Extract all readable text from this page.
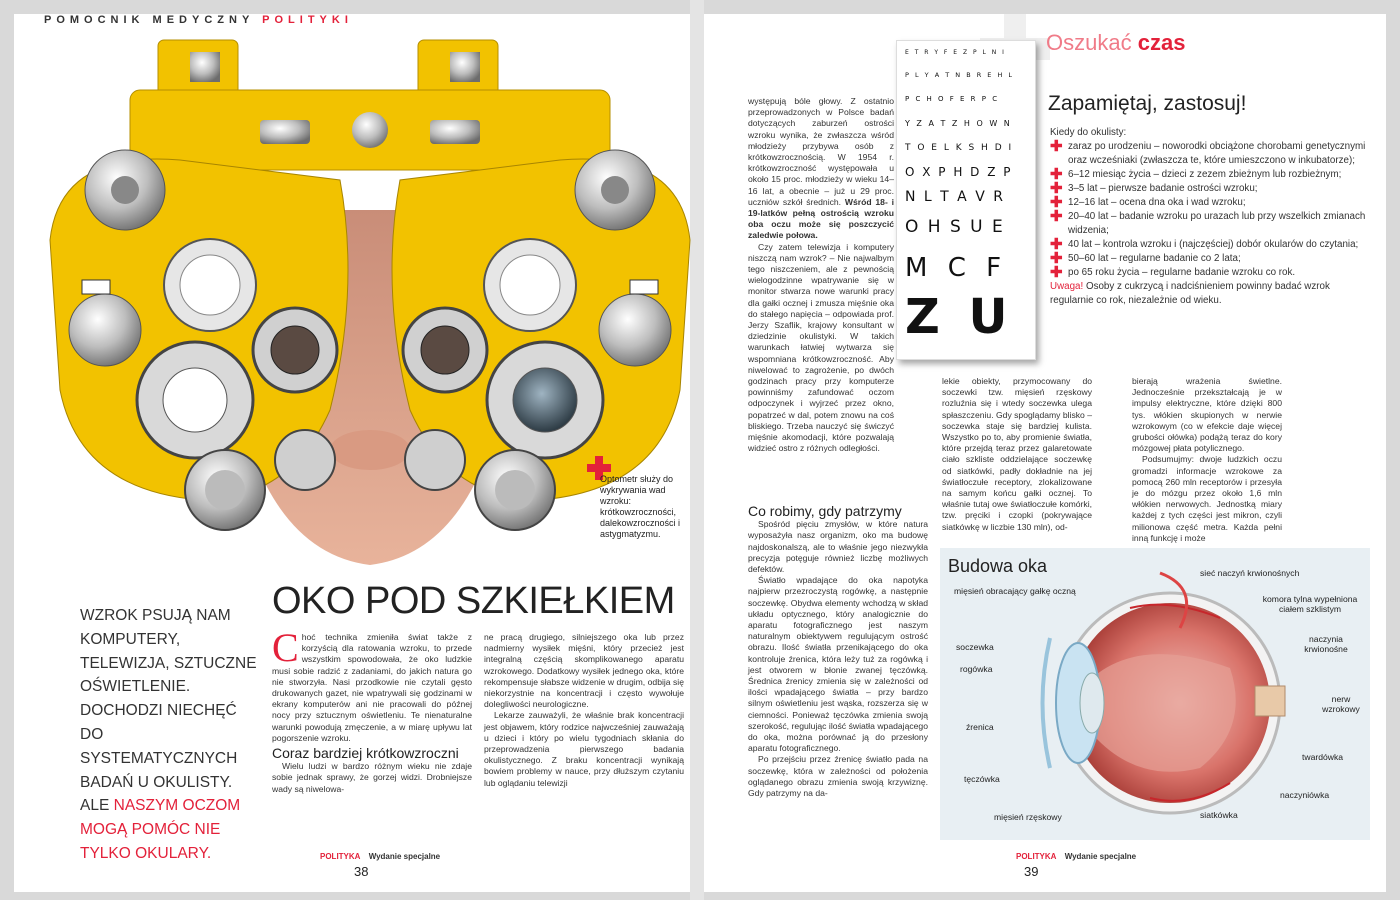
POMOCNIK MEDYCZNY POLITYKI
Optometr służy do wykrywania wad wzroku: krótkowzroczności, dalekowzroczności i astygmatyzmu.
WZROK PSUJĄ NAM KOMPUTERY, TELEWIZJA, SZTUCZNE OŚWIETLENIE. DOCHODZI NIECHĘĆ DO SYSTEMATYCZNYCH BADAŃ U OKULISTY. ALE NASZYM OCZOM MOGĄ POMÓC NIE TYLKO OKULARY.
OKO POD SZKIEŁKIEM

Choć technika zmieniła świat także z korzyścią dla ratowania wzroku, to przede wszystkim spowodowała, że oko ludzkie musi sobie radzić z zadaniami, do jakich natura go nie stworzyła. Nasi przodkowie nie czytali gęsto drukowanych gazet, nie wpatrywali się godzinami w ekrany komputerów ani nie pracowali do późnej nocy przy sztucznym oświetleniu. Te nienaturalne warunki powodują zmęczenie, a w miarę upływu lat pogorszenie wzroku.

Coraz bardziej krótkowzroczni

Wielu ludzi w bardzo różnym wieku nie zdaje sobie jednak sprawy, że gorzej widzi. Drobniejsze wady są niwelowa-

ne pracą drugiego, silniejszego oka lub przez nadmierny wysiłek mięśni, który przecież jest integralną częścią skomplikowanego aparatu wzrokowego. Dodatkowy wysiłek jednego oka, które rekompensuje słabsze widzenie w drugim, odbija się niekorzystnie na koncentracji i często wywołuje dolegliwości neurologiczne.

Lekarze zauważyli, że właśnie brak koncentracji jest objawem, który rodzice najwcześniej zauważają u dzieci i który po wielu tygodniach skłania do przeprowadzenia pierwszego badania okulistycznego. Z braku koncentracji wynikają bowiem problemy w nauce, przy dłuższym czytaniu lub oglądaniu telewizji

POLITYKA Wydanie specjalne
38
Oszukać czas
E T R Y F E Z P L N I
P L Y A T N B R E H L
P C H O F E R P C
Y Z A T Z H O W N
T O E L K S H D I
O X P H D Z P
N L T A V R
O H S U E
M C F
Z U
Zapamiętaj, zastosuj!
Kiedy do okulisty:
✚ zaraz po urodzeniu – noworodki obciążone chorobami genetycznymi oraz wcześniaki (zwłaszcza te, które umieszczono w inkubatorze);
✚ 6–12 miesiąc życia – dzieci z zezem zbieżnym lub rozbieżnym;
✚ 3–5 lat – pierwsze badanie ostrości wzroku;
✚ 12–16 lat – ocena dna oka i wad wzroku;
✚ 20–40 lat – badanie wzroku po urazach lub przy wszelkich zmianach widzenia;
✚ 40 lat – kontrola wzroku i (najczęściej) dobór okularów do czytania;
✚ 50–60 lat – regularne badanie co 2 lata;
✚ po 65 roku życia – regularne badanie wzroku co rok.
Uwaga! Osoby z cukrzycą i nadciśnieniem powinny badać wzrok regularnie co rok, niezależnie od wieku.

występują bóle głowy. Z ostatnio przeprowadzonych w Polsce badań dotyczących zaburzeń ostrości wzroku wynika, że zwłaszcza wśród młodzieży przybywa osób z krótkowzrocznością. W 1954 r. krótkowzroczność występowała u około 15 proc. młodzieży w wieku 14–16 lat, a obecnie – już u 29 proc. uczniów szkół średnich. Wśród 18- i 19-latków pełną ostrością wzroku oba oczu może się poszczycić zaledwie połowa.

Czy zatem telewizja i komputery niszczą nam wzrok? – Nie najwalbym tego niszczeniem, ale z pewnością wielogodzinne wpatrywanie się w monitor stwarza nowe warunki pracy dla gałki ocznej i zmusza mięśnie oka do stałego napięcia – odpowiada prof. Jerzy Szaflik, krajowy konsultant w dziedzinie okulistyki. W takich warunkach łatwiej wytwarza się wspomniana krótkowzroczność. Aby niwelować to zagrożenie, po dwóch godzinach pracy przy komputerze powinniśmy zafundować oczom odpoczynek i wyjrzeć przez okno, popatrzeć w dal, potem znowu na coś bliskiego. Trzeba nauczyć się świczyć mięśnie akomodacji, które pozwalają widzieć ostro z różnych odległości.

Co robimy, gdy patrzymy

Spośród pięciu zmysłów, w które natura wyposażyła nasz organizm, oko ma budowę najdoskonalszą, ale to właśnie jego niezwykła precyzja potęguje również liczbę możliwych defektów.

Światło wpadające do oka napotyka najpierw przezroczystą rogówkę, a następnie soczewkę. Obydwa elementy wchodzą w skład układu optycznego, który analogicznie do aparatu fotograficznego jest naszym naturalnym obiektywem regulującym ostrość obrazu. Ilość światła przenikającego do oka kontroluje źrenica, która leży tuż za rogówką i jest otworem w błonie zwanej tęczówką. Średnica źrenicy zmienia się w zależności od ilości wpadającego światła – przy bardzo silnym oświetleniu jest wąska, rozszerza się w ciemności. Ponieważ tęczówka zmienia swoją szerokość, regulując ilość światła wpadającego do oka, można porównać ją do przesłony aparatu fotograficznego.

Po przejściu przez źrenicę światło pada na soczewkę, która w zależności od położenia oglądanego obrazu zmienia swoją krzywiznę. Gdy patrzymy na da-

lekie obiekty, przymocowany do soczewki tzw. mięsień rzęskowy rozluźnia się i wtedy soczewka ulega spłaszczeniu. Gdy spoglądamy blisko – soczewka staje się bardziej kulista. Wszystko po to, aby promienie światła, które przejdą teraz przez galaretowate ciało szkliste oddzielające soczewkę od siatkówki, padły dokładnie na jej światłoczułe receptory, zlokalizowane na samym końcu gałki ocznej. To właśnie tutaj owe światłoczułe komórki, tzw. pręciki i czopki (pokrywające siatkówkę w liczbie 130 mln), od-

bierają wrażenia świetlne. Jednocześnie przekształcają je w impulsy elektryczne, które dzięki 800 tys. włókien skupionych w nerwie wzrokowym (co w efekcie daje więcej grubości ołówka) podążą teraz do kory mózgowej płata potylicznego.

Podsumujmy: dwoje ludzkich oczu gromadzi informacje wzrokowe za pomocą 260 mln receptorów i przesyła je do mózgu przez około 1,6 mln włókien nerwowych. Jednostką miary każdej z tych części jest mikron, czyli milionowa część metra. Każda pełni inną funkcję i może

Budowa oka	sieć naczyń krwionośnych
mięsień obracający gałkę oczną
komora tylna wypełniona ciałem szklistym
soczewka
naczynia krwionośne
rogówka
nerw wzrokowy
źrenica
twardówka
tęczówka
naczyniówka
mięsień rzęskowy	siatkówka
POLITYKA Wydanie specjalne
39
